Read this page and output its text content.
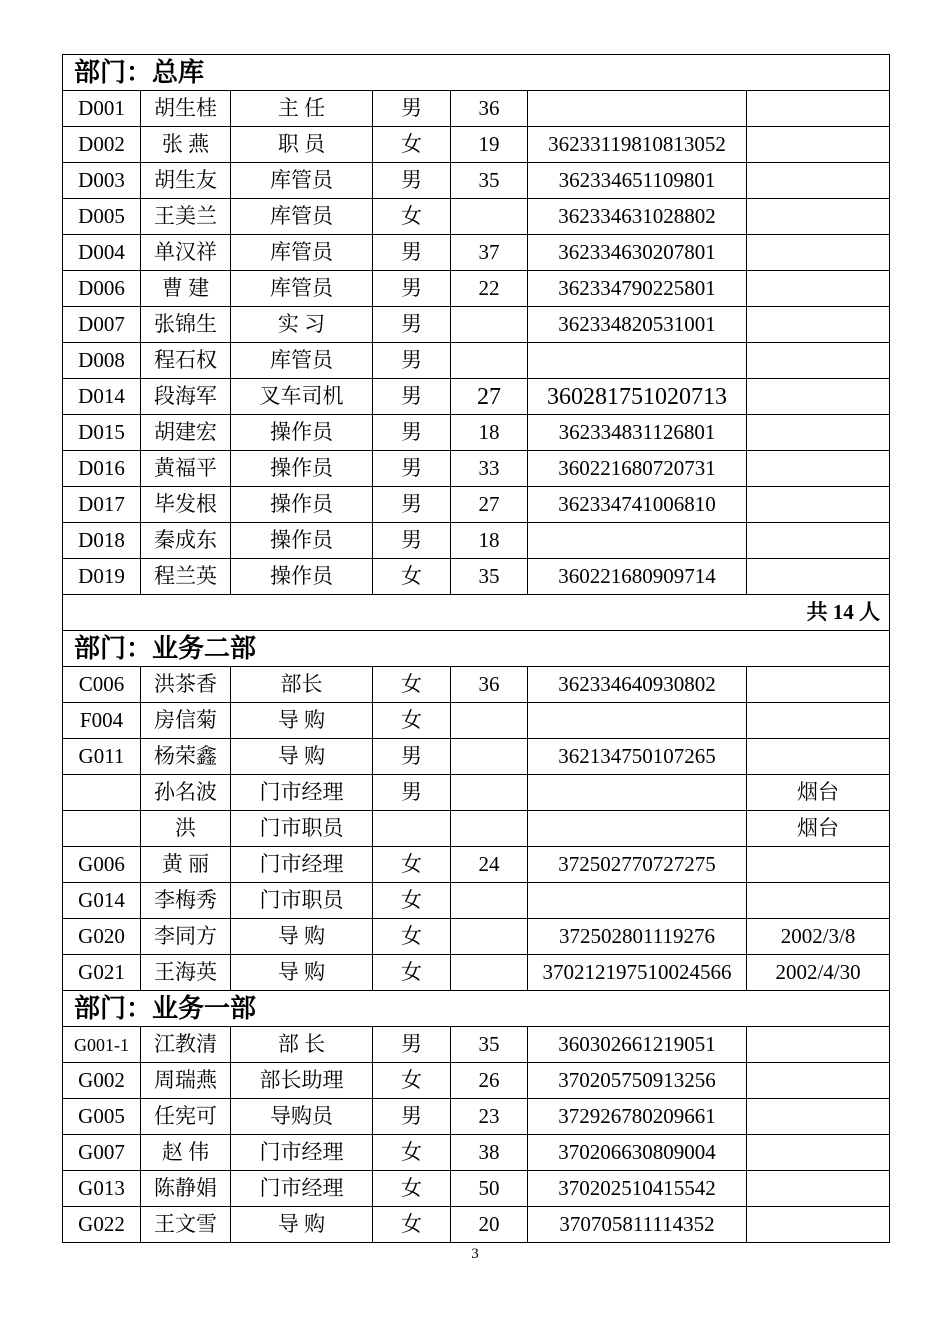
部门：总库						
D001	胡生桂	主 任	男	36		
D002	张 燕	职 员	女	19	36233119810813052	
D003	胡生友	库管员	男	35	362334651109801	
D005	王美兰	库管员	女		362334631028802	
D004	单汉祥	库管员	男	37	362334630207801	
D006	曹 建	库管员	男	22	362334790225801	
D007	张锦生	实 习	男		362334820531001	
D008	程石权	库管员	男			
D014	段海军	叉车司机	男	27	360281751020713	
D015	胡建宏	操作员	男	18	362334831126801	
D016	黄福平	操作员	男	33	360221680720731	
D017	毕发根	操作员	男	27	362334741006810	
D018	秦成东	操作员	男	18		
D019	程兰英	操作员	女	35	360221680909714	
共 14 人						
部门：业务二部						
C006	洪茶香	部长	女	36	362334640930802	
F004	房信菊	导 购	女			
G011	杨荣鑫	导 购	男		362134750107265	
	孙名波	门市经理	男			烟台
	洪	门市职员				烟台
G006	黄 丽	门市经理	女	24	372502770727275	
G014	李梅秀	门市职员	女			
G020	李同方	导 购	女		372502801119276	2002/3/8
G021	王海英	导 购	女		370212197510024566	2002/4/30
部门：业务一部						
G001-1	江教清	部 长	男	35	360302661219051	
G002	周瑞燕	部长助理	女	26	370205750913256	
G005	任宪可	导购员	男	23	372926780209661	
G007	赵 伟	门市经理	女	38	370206630809004	
G013	陈静娟	门市经理	女	50	370202510415542	
G022	王文雪	导 购	女	20	370705811114352	
3
